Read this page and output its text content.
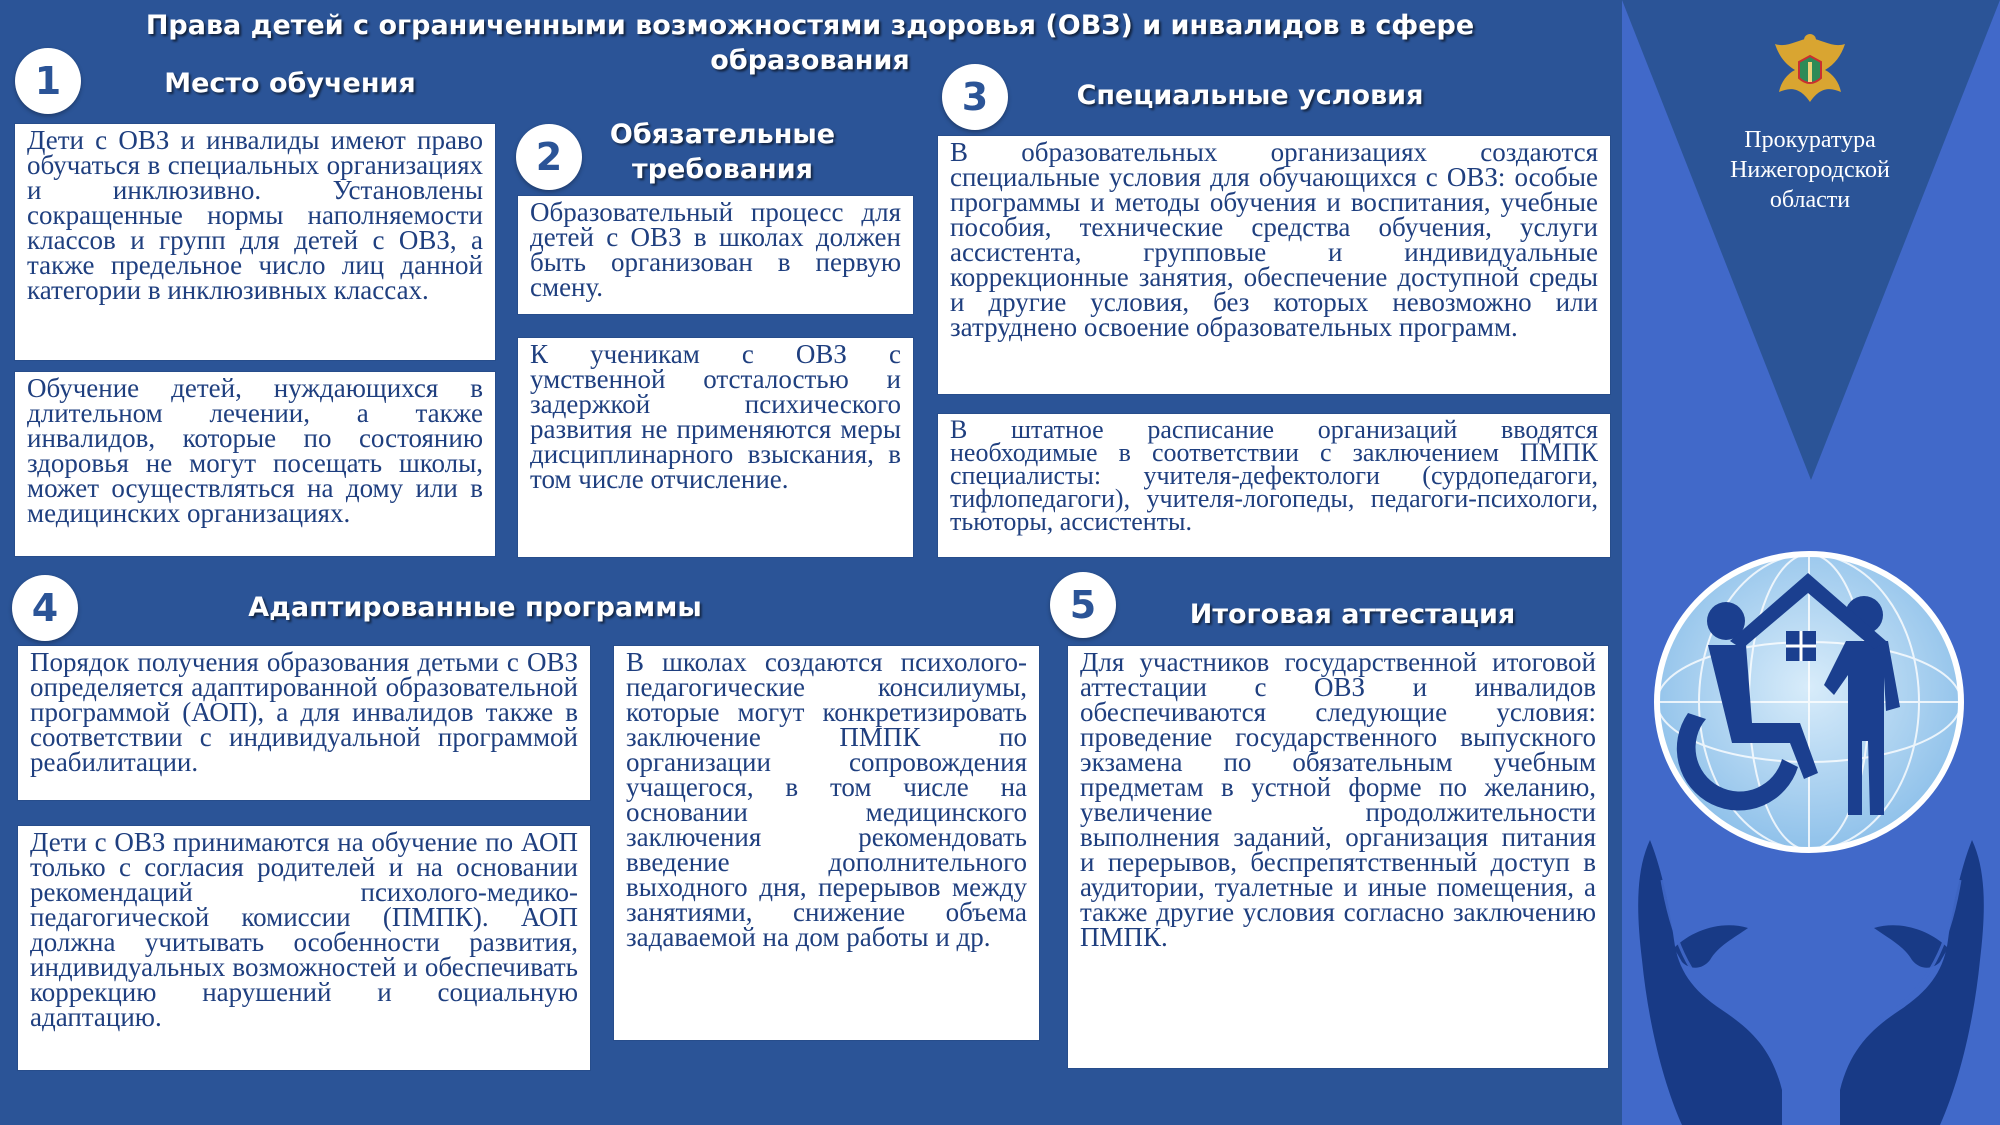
Права детей с ограниченными возможностями здоровья (ОВЗ) и инвалидов в сфере образования
1	Место обучения
Дети с ОВЗ и инвалиды имеют право обучаться в специальных организациях и инклюзивно. Установлены сокращенные нормы наполняемости классов и групп для детей с ОВЗ, а также предельное число лиц данной категории в инклюзивных классах.
Обучение детей, нуждающихся в длительном лечении, а также инвалидов, которые по состоянию здоровья не могут посещать школы, может осуществляться на дому или в медицинских организациях.
2
Обязательные требования
Образовательный процесс для детей с ОВЗ в школах должен быть организован в первую смену.
К ученикам с ОВЗ с умственной отсталостью и задержкой психического развития не применяются меры дисциплинарного взыскания, в том числе отчисление.
3	Специальные условия
В образовательных организациях создаются специальные условия для обучающихся с ОВЗ: особые программы и методы обучения и воспитания, учебные пособия, технические средства обучения, услуги ассистента, групповые и индивидуальные коррекционные занятия, обеспечение доступной среды и другие условия, без которых невозможно или затруднено освоение образовательных программ.
В штатное расписание организаций вводятся необходимые в соответствии с заключением ПМПК специалисты: учителя-дефектологи (сурдопедагоги, тифлопедагоги), учителя-логопеды, педагоги-психологи, тьюторы, ассистенты.
4	Адаптированные программы
Порядок получения образования детьми с ОВЗ определяется адаптированной образовательной программой (АОП), а для инвалидов также в соответствии с индивидуальной программой реабилитации.
Дети с ОВЗ принимаются на обучение по АОП только с согласия родителей и на основании рекомендаций психолого-медико-педагогической комиссии (ПМПК). АОП должна учитывать особенности развития, индивидуальных возможностей и обеспечивать коррекцию нарушений и социальную адаптацию.
В школах создаются психолого-педагогические консилиумы, которые могут конкретизировать заключение ПМПК по организации сопровождения учащегося, в том числе на основании медицинского заключения рекомендовать введение дополнительного выходного дня, перерывов между занятиями, снижение объема задаваемой на дом работы и др.
5	Итоговая аттестация
Для участников государственной итоговой аттестации с ОВЗ и инвалидов обеспечиваются следующие условия: проведение государственного выпускного экзамена по обязательным учебным предметам в устной форме по желанию, увеличение продолжительности выполнения заданий, организация питания и перерывов, беспрепятственный доступ в аудитории, туалетные и иные помещения, а также другие условия согласно заключению ПМПК.
Прокуратура Нижегородской области
